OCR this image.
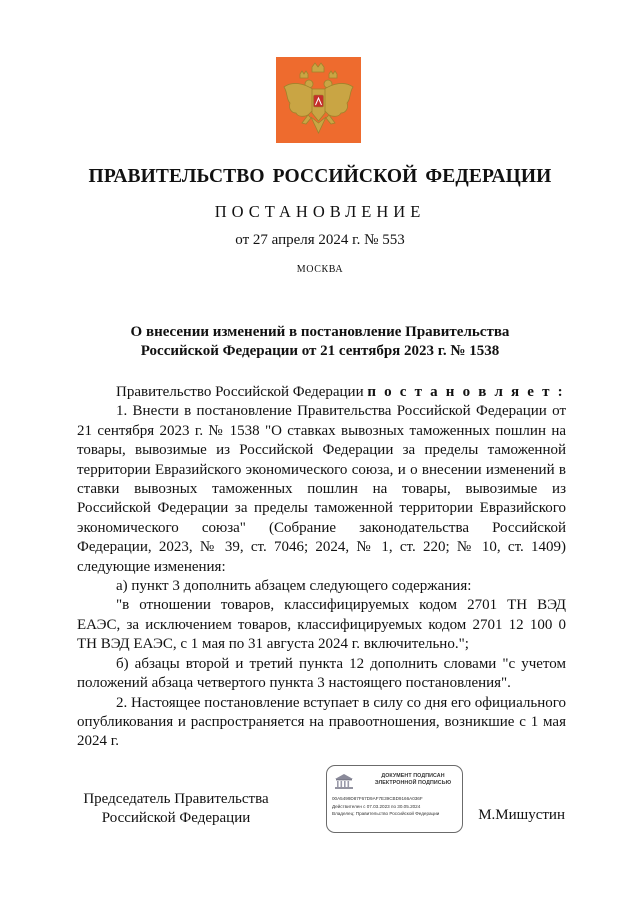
ПРАВИТЕЛЬСТВО РОССИЙСКОЙ ФЕДЕРАЦИИ
ПОСТАНОВЛЕНИЕ
от 27 апреля 2024 г. № 553
МОСКВА
О внесении изменений в постановление Правительства
Российской Федерации от 21 сентября 2023 г. № 1538

Правительство Российской Федерации п о с т а н о в л я е т :

1. Внести в постановление Правительства Российской Федерации от 21 сентября 2023 г. № 1538 "О ставках вывозных таможенных пошлин на товары, вывозимые из Российской Федерации за пределы таможенной территории Евразийского экономического союза, и о внесении изменений в ставки вывозных таможенных пошлин на товары, вывозимые из Российской Федерации за пределы таможенной территории Евразийского экономического союза" (Собрание законодательства Российской Федерации, 2023, № 39, ст. 7046; 2024, № 1, ст. 220; № 10, ст. 1409) следующие изменения:

а) пункт 3 дополнить абзацем следующего содержания:

"в отношении товаров, классифицируемых кодом 2701 ТН ВЭД ЕАЭС, за исключением товаров, классифицируемых кодом 2701 12 100 0 ТН ВЭД ЕАЭС, с 1 мая по 31 августа 2024 г. включительно.";

б) абзацы второй и третий пункта 12 дополнить словами "с учетом положений абзаца четвертого пункта 3 настоящего постановления".

2. Настоящее постановление вступает в силу со дня его официального опубликования и распространяется на правоотношения, возникшие с 1 мая 2024 г.

Председатель Правительства
Российской Федерации
ДОКУМЕНТ ПОДПИСАН
ЭЛЕКТРОННОЙ ПОДПИСЬЮ
00A5499D87F67D9AF7E39CBD9166A036F
Действителен с 07.03.2023 по 30.05.2024
Владелец: Правительство Российской Федерации	М.Мишустин
